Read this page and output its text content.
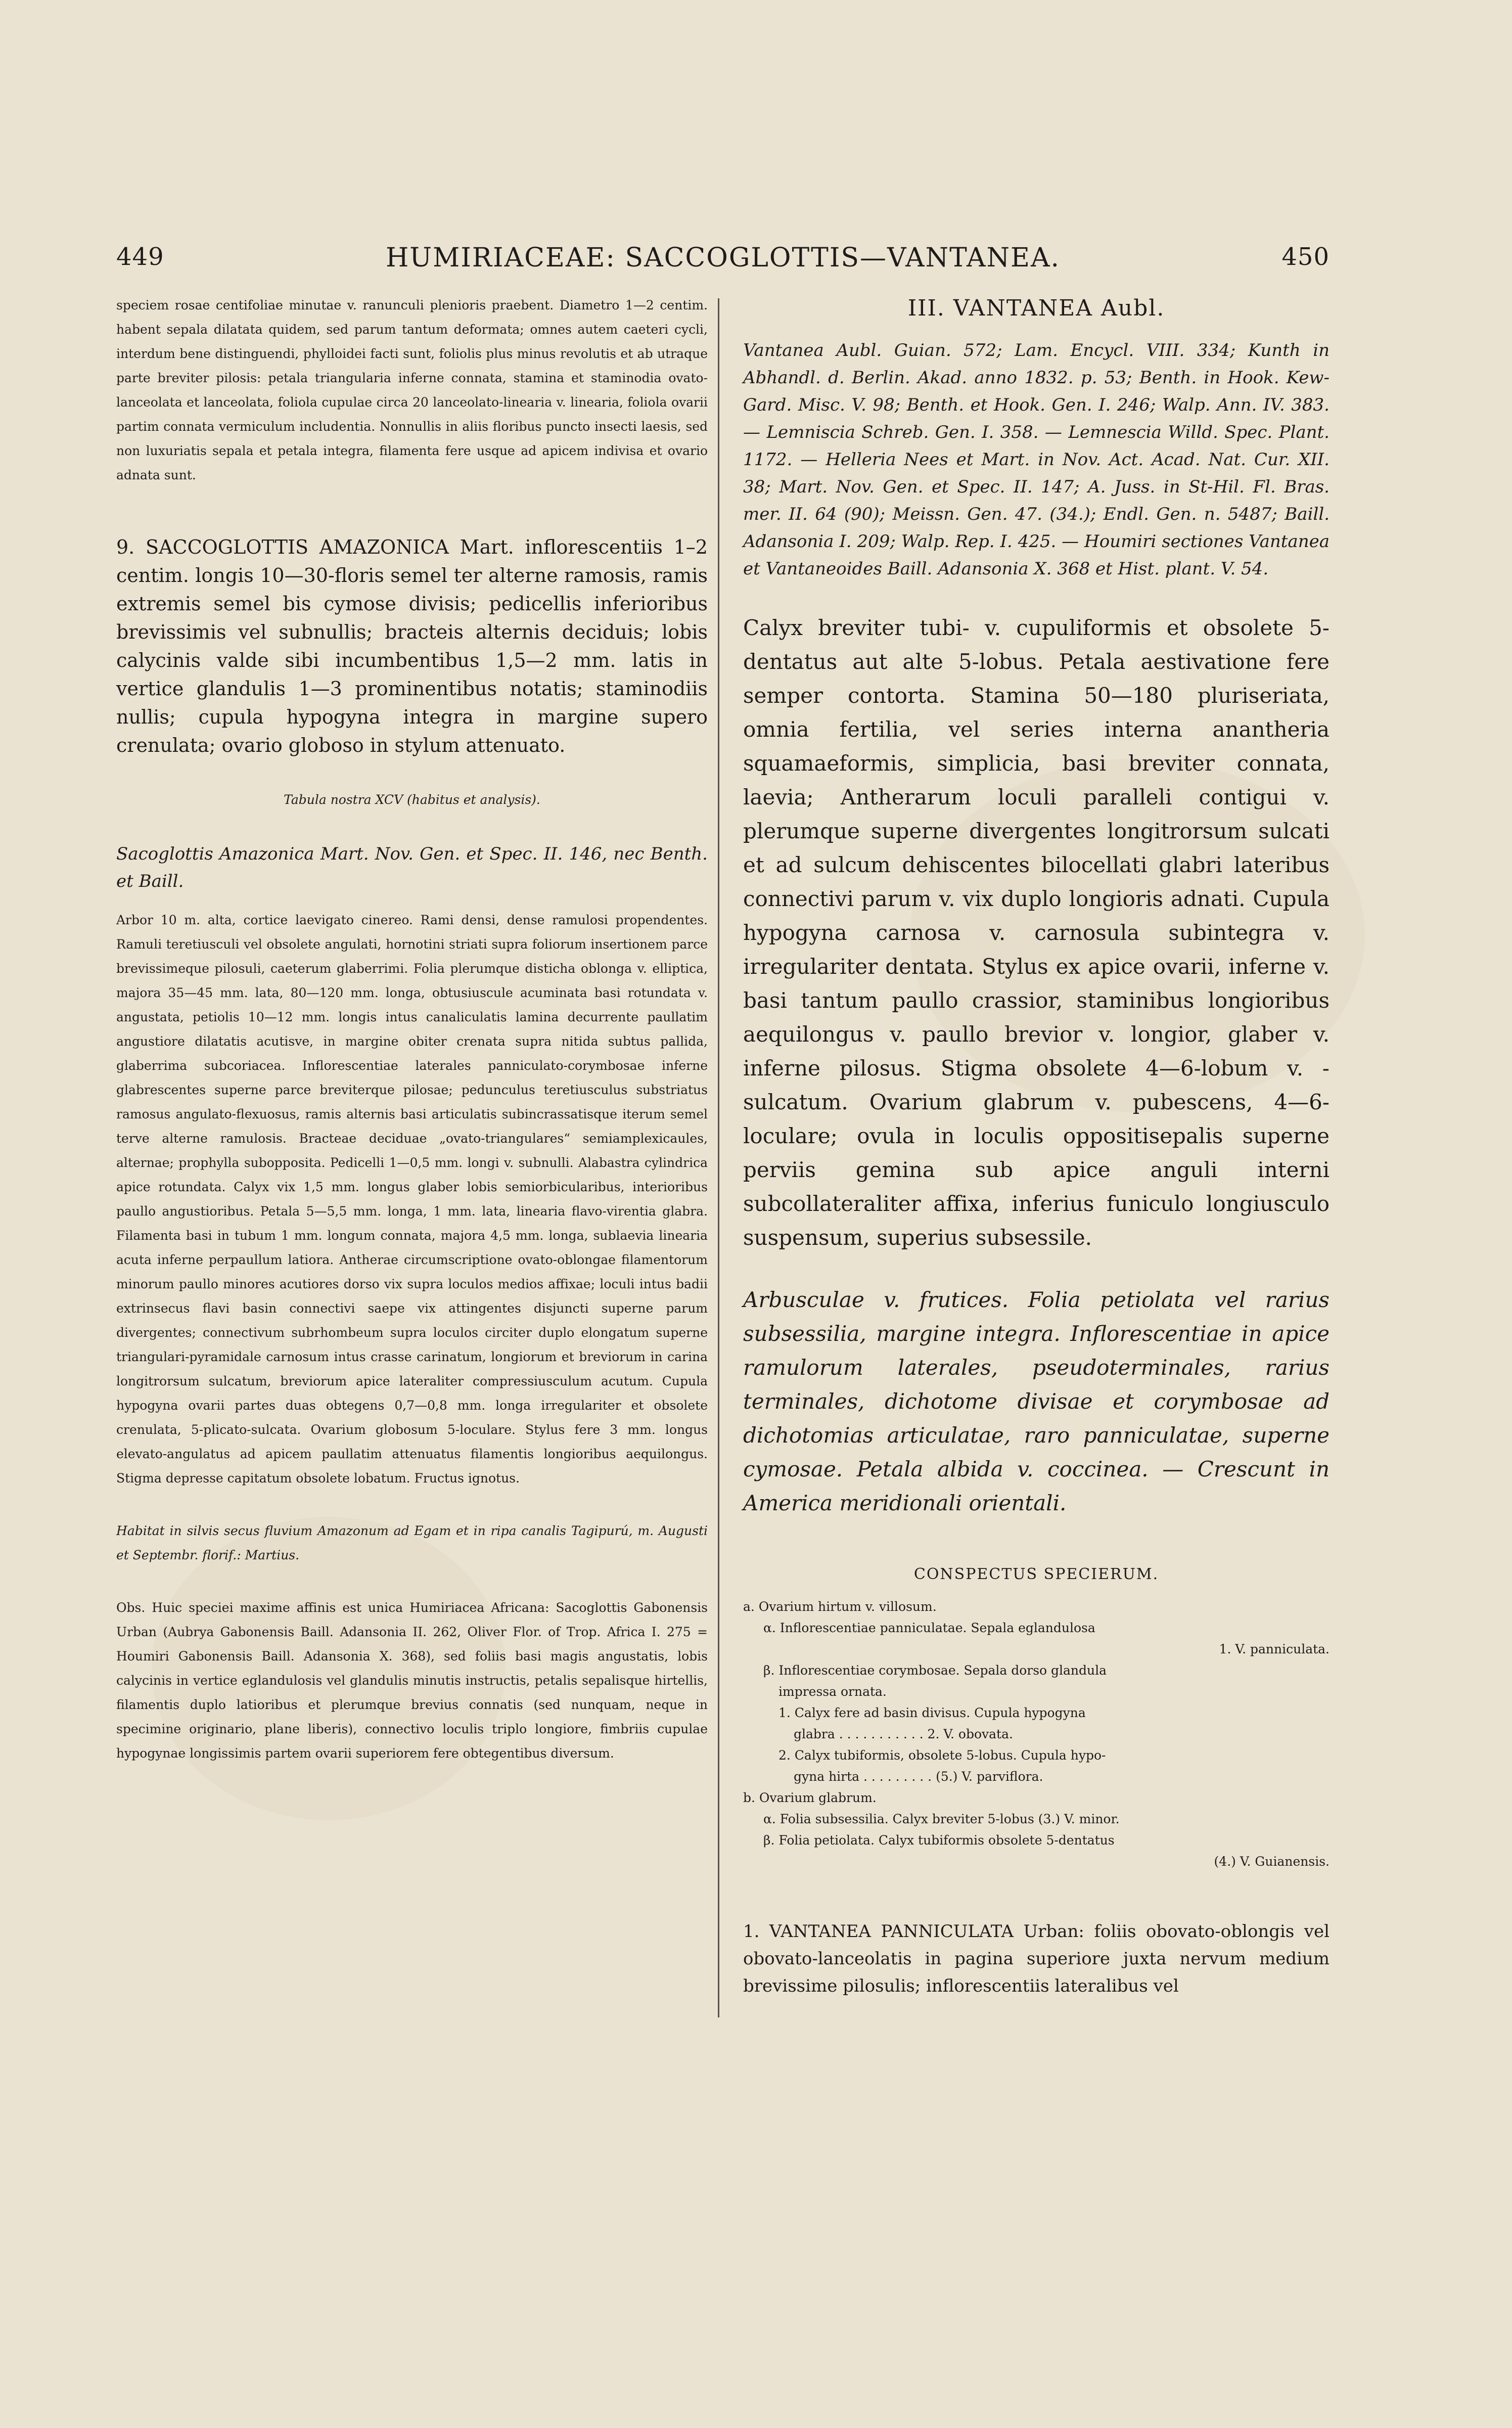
449	HUMIRIACEAE: SACCOGLOTTIS—VANTANEA.	450

speciem rosae centifoliae minutae v. ranunculi plenioris praebent. Diametro 1—2 centim. habent sepala dilatata quidem, sed parum tantum deformata; omnes autem caeteri cycli, interdum bene distinguendi, phylloidei facti sunt, foliolis plus minus revolutis et ab utraque parte breviter pilosis: petala triangularia inferne connata, stamina et staminodia ovato-lanceolata et lanceolata, foliola cupulae circa 20 lanceolato-linearia v. linearia, foliola ovarii partim connata vermiculum includentia. Nonnullis in aliis floribus puncto insecti laesis, sed non luxuriatis sepala et petala integra, filamenta fere usque ad apicem indivisa et ovario adnata sunt.

9. SACCOGLOTTIS AMAZONICA Mart. inflorescentiis 1–2 centim. longis 10—30-floris semel ter alterne ramosis, ramis extremis semel bis cymose divisis; pedicellis inferioribus brevissimis vel subnullis; bracteis alternis deciduis; lobis calycinis valde sibi incumbentibus 1,5—2 mm. latis in vertice glandulis 1—3 prominentibus notatis; staminodiis nullis; cupula hypogyna integra in margine supero crenulata; ovario globoso in stylum attenuato.

Tabula nostra XCV (habitus et analysis).

Sacoglottis Amazonica Mart. Nov. Gen. et Spec. II. 146, nec Benth. et Baill.

Arbor 10 m. alta, cortice laevigato cinereo. Rami densi, dense ramulosi propendentes. Ramuli teretiusculi vel obsolete angulati, hornotini striati supra foliorum insertionem parce brevissimeque pilosuli, caeterum glaberrimi. Folia plerumque disticha oblonga v. elliptica, majora 35—45 mm. lata, 80—120 mm. longa, obtusiuscule acuminata basi rotundata v. angustata, petiolis 10—12 mm. longis intus canaliculatis lamina decurrente paullatim angustiore dilatatis acutisve, in margine obiter crenata supra nitida subtus pallida, glaberrima subcoriacea. Inflorescentiae laterales panniculato-corymbosae inferne glabrescentes superne parce breviterque pilosae; pedunculus teretiusculus substriatus ramosus angulato-flexuosus, ramis alternis basi articulatis subincrassatisque iterum semel terve alterne ramulosis. Bracteae deciduae „ovato-triangulares“ semiamplexicaules, alternae; prophylla subopposita. Pedicelli 1—0,5 mm. longi v. subnulli. Alabastra cylindrica apice rotundata. Calyx vix 1,5 mm. longus glaber lobis semiorbicularibus, interioribus paullo angustioribus. Petala 5—5,5 mm. longa, 1 mm. lata, linearia flavo-virentia glabra. Filamenta basi in tubum 1 mm. longum connata, majora 4,5 mm. longa, sublaevia linearia acuta inferne perpaullum latiora. Antherae circumscriptione ovato-oblongae filamentorum minorum paullo minores acutiores dorso vix supra loculos medios affixae; loculi intus badii extrinsecus flavi basin connectivi saepe vix attingentes disjuncti superne parum divergentes; connectivum subrhombeum supra loculos circiter duplo elongatum superne triangulari-pyramidale carnosum intus crasse carinatum, longiorum et breviorum in carina longitrorsum sulcatum, breviorum apice lateraliter compressiusculum acutum. Cupula hypogyna ovarii partes duas obtegens 0,7—0,8 mm. longa irregulariter et obsolete crenulata, 5-plicato-sulcata. Ovarium globosum 5-loculare. Stylus fere 3 mm. longus elevato-angulatus ad apicem paullatim attenuatus filamentis longioribus aequilongus. Stigma depresse capitatum obsolete lobatum. Fructus ignotus.

Habitat in silvis secus fluvium Amazonum ad Egam et in ripa canalis Tagipurú, m. Augusti et Septembr. florif.: Martius.

Obs. Huic speciei maxime affinis est unica Humiriacea Africana: Sacoglottis Gabonensis Urban (Aubrya Gabonensis Baill. Adansonia II. 262, Oliver Flor. of Trop. Africa I. 275 = Houmiri Gabonensis Baill. Adansonia X. 368), sed foliis basi magis angustatis, lobis calycinis in vertice eglandulosis vel glandulis minutis instructis, petalis sepalisque hirtellis, filamentis duplo latioribus et plerumque brevius connatis (sed nunquam, neque in specimine originario, plane liberis), connectivo loculis triplo longiore, fimbriis cupulae hypogynae longissimis partem ovarii superiorem fere obtegentibus diversum.

III. VANTANEA Aubl.

Vantanea Aubl. Guian. 572; Lam. Encycl. VIII. 334; Kunth in Abhandl. d. Berlin. Akad. anno 1832. p. 53; Benth. in Hook. Kew-Gard. Misc. V. 98; Benth. et Hook. Gen. I. 246; Walp. Ann. IV. 383. — Lemniscia Schreb. Gen. I. 358. — Lemnescia Willd. Spec. Plant. 1172. — Helleria Nees et Mart. in Nov. Act. Acad. Nat. Cur. XII. 38; Mart. Nov. Gen. et Spec. II. 147; A. Juss. in St-Hil. Fl. Bras. mer. II. 64 (90); Meissn. Gen. 47. (34.); Endl. Gen. n. 5487; Baill. Adansonia I. 209; Walp. Rep. I. 425. — Houmiri sectiones Vantanea et Vantaneoides Baill. Adansonia X. 368 et Hist. plant. V. 54.

Calyx breviter tubi- v. cupuliformis et obsolete 5-dentatus aut alte 5-lobus. Petala aestivatione fere semper contorta. Stamina 50—180 pluriseriata, omnia fertilia, vel series interna anantheria squamaeformis, simplicia, basi breviter connata, laevia; Antherarum loculi paralleli contigui v. plerumque superne divergentes longitrorsum sulcati et ad sulcum dehiscentes bilocellati glabri lateribus connectivi parum v. vix duplo longioris adnati. Cupula hypogyna carnosa v. carnosula subintegra v. irregulariter dentata. Stylus ex apice ovarii, inferne v. basi tantum paullo crassior, staminibus longioribus aequilongus v. paullo brevior v. longior, glaber v. inferne pilosus. Stigma obsolete 4—6-lobum v. -sulcatum. Ovarium glabrum v. pubescens, 4—6-loculare; ovula in loculis oppositisepalis superne perviis gemina sub apice anguli interni subcollateraliter affixa, inferius funiculo longiusculo suspensum, superius subsessile.

Arbusculae v. frutices. Folia petiolata vel rarius subsessilia, margine integra. Inflorescentiae in apice ramulorum laterales, pseudoterminales, rarius terminales, dichotome divisae et corymbosae ad dichotomias articulatae, raro panniculatae, superne cymosae. Petala albida v. coccinea. — Crescunt in America meridionali orientali.

CONSPECTUS SPECIERUM.

a. Ovarium hirtum v. villosum.

α. Inflorescentiae panniculatae. Sepala eglandulosa

1. V. panniculata.

β. Inflorescentiae corymbosae. Sepala dorso glandula

impressa ornata.

1. Calyx fere ad basin divisus. Cupula hypogyna

glabra . . . . . . . . . . . 2. V. obovata.

2. Calyx tubiformis, obsolete 5-lobus. Cupula hypo-

gyna hirta . . . . . . . . . (5.) V. parviflora.

b. Ovarium glabrum.

α. Folia subsessilia. Calyx breviter 5-lobus (3.) V. minor.

β. Folia petiolata. Calyx tubiformis obsolete 5-dentatus

(4.) V. Guianensis.

1. VANTANEA PANNICULATA Urban: foliis obovato-oblongis vel obovato-lanceolatis in pagina superiore juxta nervum medium brevissime pilosulis; inflorescentiis lateralibus vel
